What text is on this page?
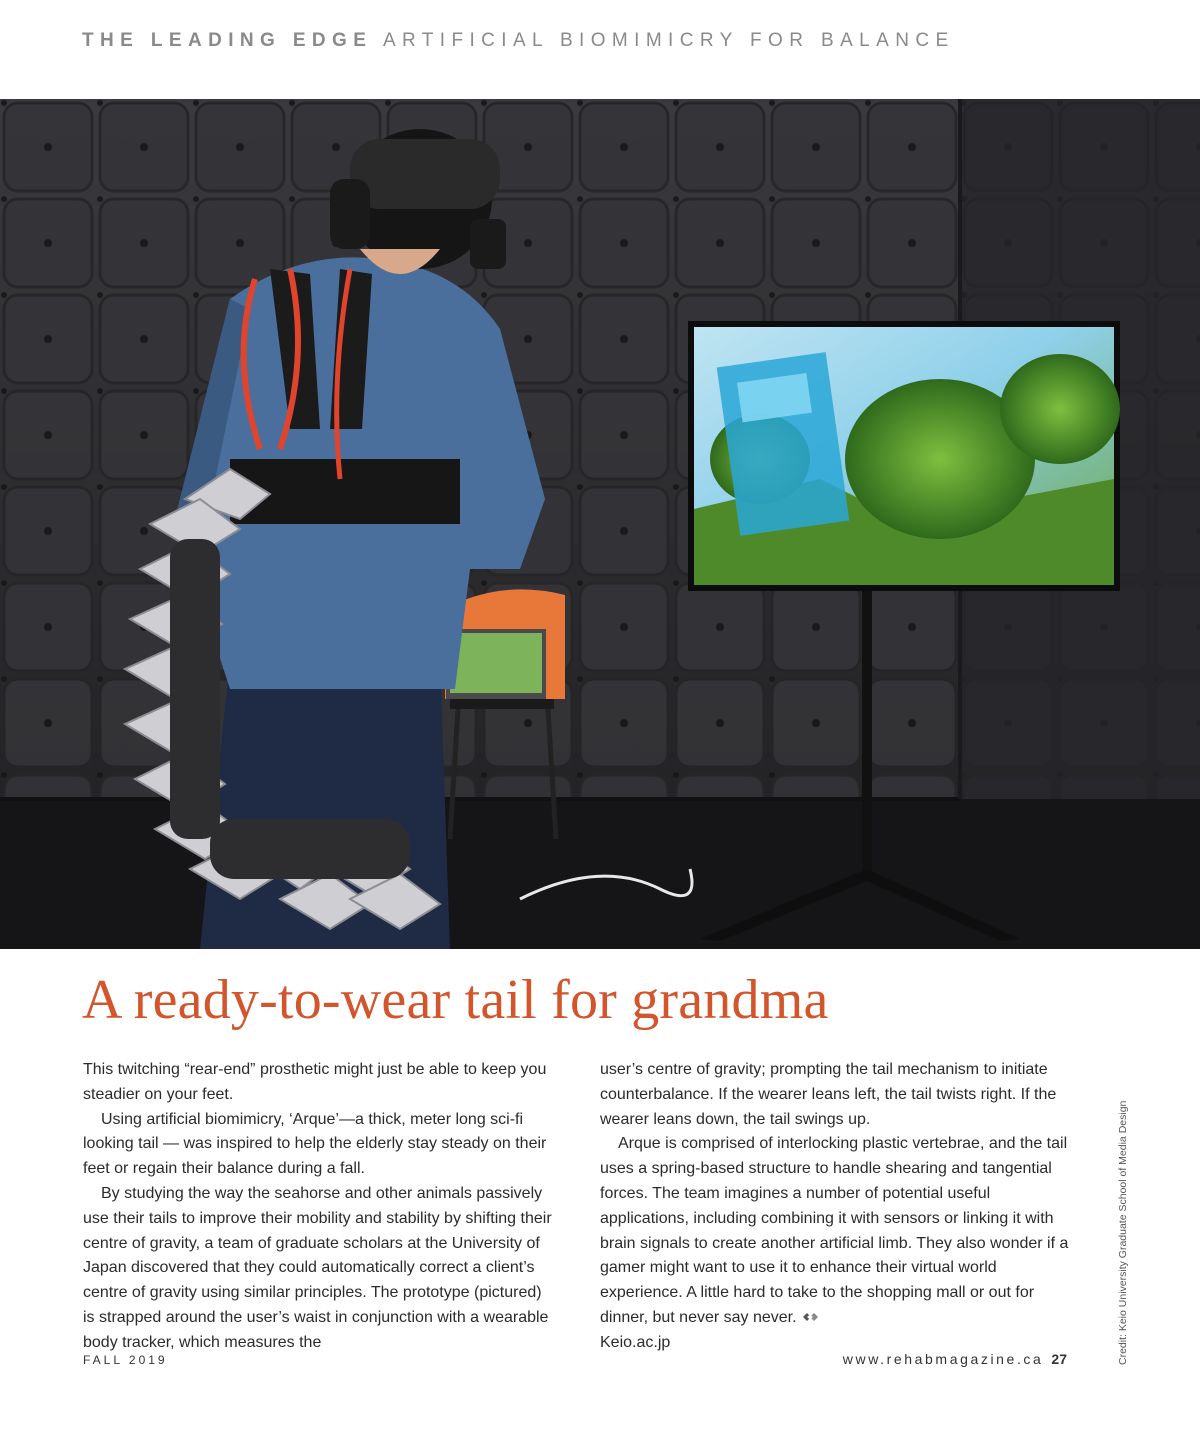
THE LEADING EDGE ARTIFICIAL BIOMIMICRY FOR BALANCE
A ready-to-wear tail for grandma

This twitching “rear-end” prosthetic might just be able to keep you steadier on your feet.

Using artificial biomimicry, ‘Arque’—a thick, meter long sci-fi looking tail — was inspired to help the elderly stay steady on their feet or regain their balance during a fall.

By studying the way the seahorse and other animals passively use their tails to improve their mobility and stability by shifting their centre of gravity, a team of graduate scholars at the University of Japan discovered that they could automatically correct a client’s centre of gravity using similar principles. The prototype (pictured) is strapped around the user’s waist in conjunction with a wearable body tracker, which measures the

user’s centre of gravity; prompting the tail mechanism to initiate counterbalance. If the wearer leans left, the tail twists right. If the wearer leans down, the tail swings up.

Arque is comprised of interlocking plastic vertebrae, and the tail uses a spring-based structure to handle shearing and tangential forces. The team imagines a number of potential useful applications, including combining it with sensors or linking it with brain signals to create another artificial limb. They also wonder if a gamer might want to use it to enhance their virtual world experience. A little hard to take to the shopping mall or out for dinner, but never say never.

Keio.ac.jp	Credit: Keio University Graduate School of Media Design
FALL 2019	www.rehabmagazine.ca 27
